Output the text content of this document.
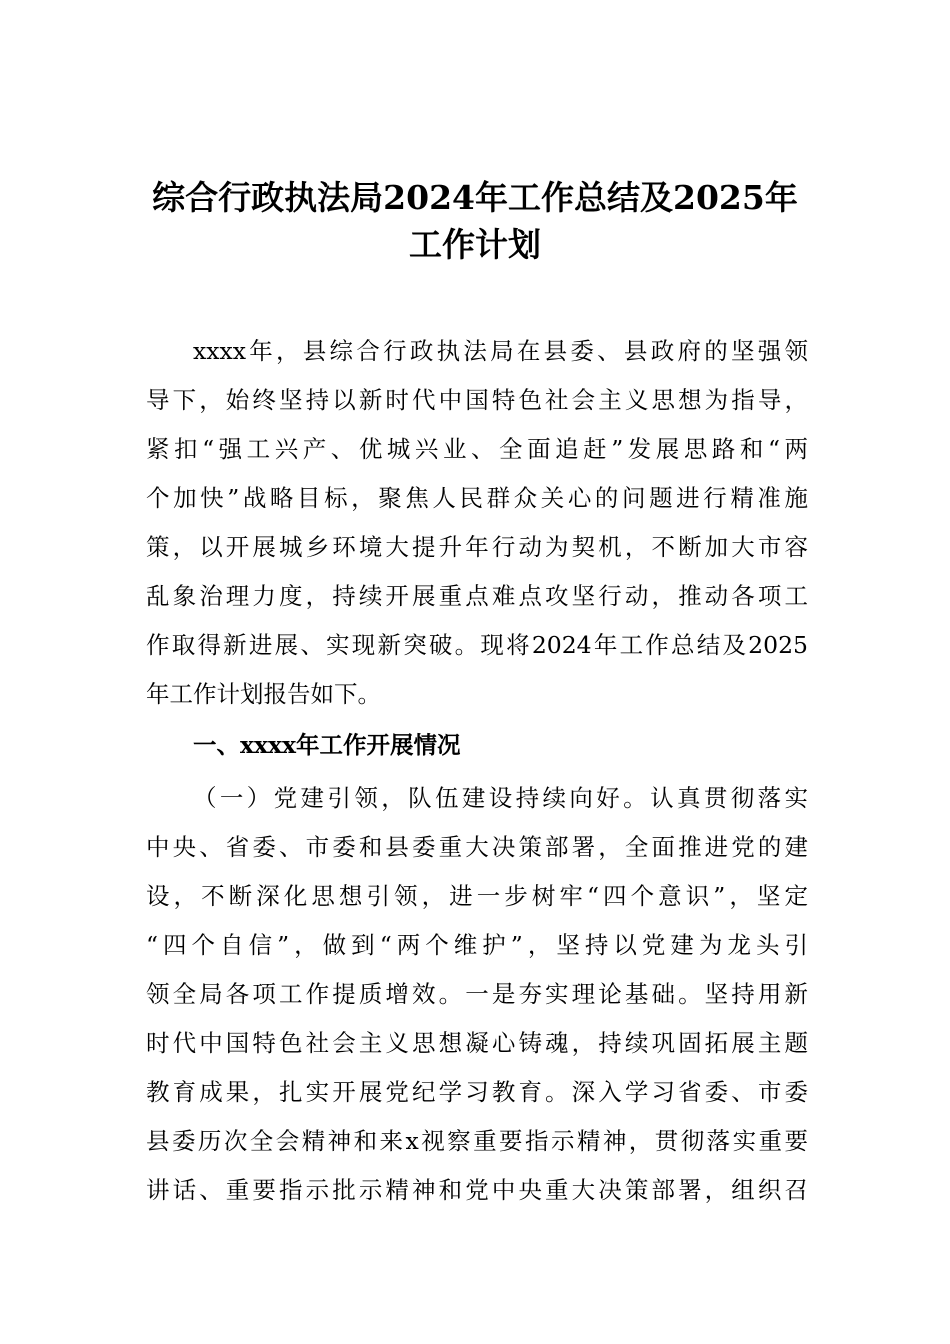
综合行政执法局2024年工作总结及2025年
工作计划

xxxx年，县综合行政执法局在县委、县政府的坚强领

导下，始终坚持以新时代中国特色社会主义思想为指导，

紧扣“强工兴产、优城兴业、全面追赶”发展思路和“两

个加快”战略目标，聚焦人民群众关心的问题进行精准施

策，以开展城乡环境大提升年行动为契机，不断加大市容

乱象治理力度，持续开展重点难点攻坚行动，推动各项工

作取得新进展、实现新突破。现将2024年工作总结及2025

年工作计划报告如下。

一、xxxx年工作开展情况

（一）党建引领，队伍建设持续向好。认真贯彻落实

中央、省委、市委和县委重大决策部署，全面推进党的建

设，不断深化思想引领，进一步树牢“四个意识”，坚定

“四个自信”，做到“两个维护”，坚持以党建为龙头引

领全局各项工作提质增效。一是夯实理论基础。坚持用新

时代中国特色社会主义思想凝心铸魂，持续巩固拓展主题

教育成果，扎实开展党纪学习教育。深入学习省委、市委

县委历次全会精神和来x视察重要指示精神，贯彻落实重要

讲话、重要指示批示精神和党中央重大决策部署，组织召
